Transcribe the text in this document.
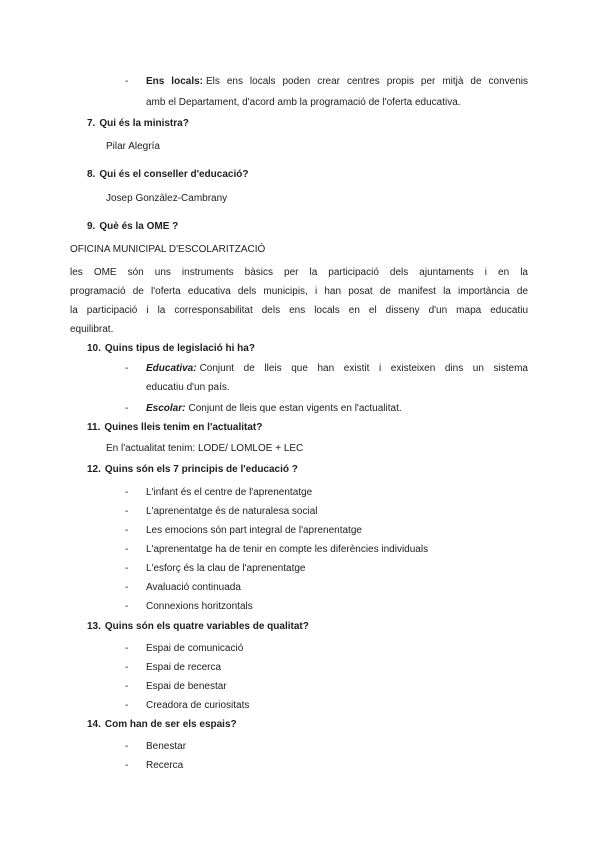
- Ens locals: Els ens locals poden crear centres propis per mitjà de convenis
amb el Departament, d'acord amb la programació de l'oferta educativa.
7. Qui és la ministra?
Pilar Alegría
8. Qui és el conseller d'educació?
Josep Gonzàlez-Cambrany
9. Què és la OME ?
OFICINA MUNICIPAL D'ESCOLARITZACIÓ
les OME són uns instruments bàsics per la participació dels ajuntaments i en la
programació de l'oferta educativa dels municipis, i han posat de manifest la importància de
la participació i la corresponsabilitat dels ens locals en el disseny d'un mapa educatiu
equilibrat.
10. Quins tipus de legislació hi ha?
- Educativa: Conjunt de lleis que han existit i existeixen dins un sistema
educatiu d'un país.
- Escolar: Conjunt de lleis que estan vigents en l'actualitat.
11. Quines lleis tenim en l'actualitat?
En l'actualitat tenim: LODE/ LOMLOE + LEC
12. Quins són els 7 principis de l'educació ?
- L'infant és el centre de l'aprenentatge
- L'aprenentatge és de naturalesa social
- Les emocions són part integral de l'aprenentatge
- L'aprenentatge ha de tenir en compte les diferències individuals
- L'esforç és la clau de l'aprenentatge
- Avaluació continuada
- Connexions horitzontals
13. Quins són els quatre variables de qualitat?
- Espai de comunicació
- Espai de recerca
- Espai de benestar
- Creadora de curiositats
14. Com han de ser els espais?
- Benestar
- Recerca
